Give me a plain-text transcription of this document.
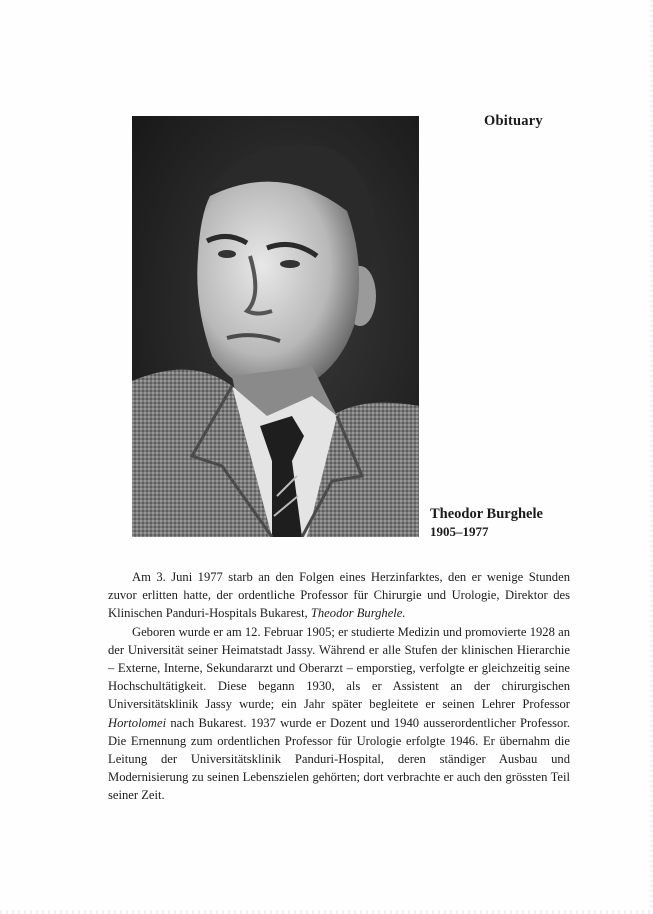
Obituary
Theodor Burghele
1905–1977

Am 3. Juni 1977 starb an den Folgen eines Herzinfarktes, den er wenige Stunden zuvor erlitten hatte, der ordentliche Professor für Chirurgie und Urologie, Direktor des Klinischen Panduri-Hospitals Bukarest, Theodor Burghele.

Geboren wurde er am 12. Februar 1905; er studierte Medizin und promovierte 1928 an der Universität seiner Heimatstadt Jassy. Während er alle Stufen der klinischen Hierarchie – Externe, Interne, Sekundararzt und Oberarzt – emporstieg, verfolgte er gleichzeitig seine Hochschultätigkeit. Diese begann 1930, als er Assistent an der chirurgischen Universitätsklinik Jassy wurde; ein Jahr später begleitete er seinen Lehrer Professor Hortolomei nach Bukarest. 1937 wurde er Dozent und 1940 ausserordentlicher Professor. Die Ernennung zum ordentlichen Professor für Urologie erfolgte 1946. Er übernahm die Leitung der Universitätsklinik Panduri-Hospital, deren ständiger Ausbau und Modernisierung zu seinen Lebenszielen gehörten; dort verbrachte er auch den grössten Teil seiner Zeit.
